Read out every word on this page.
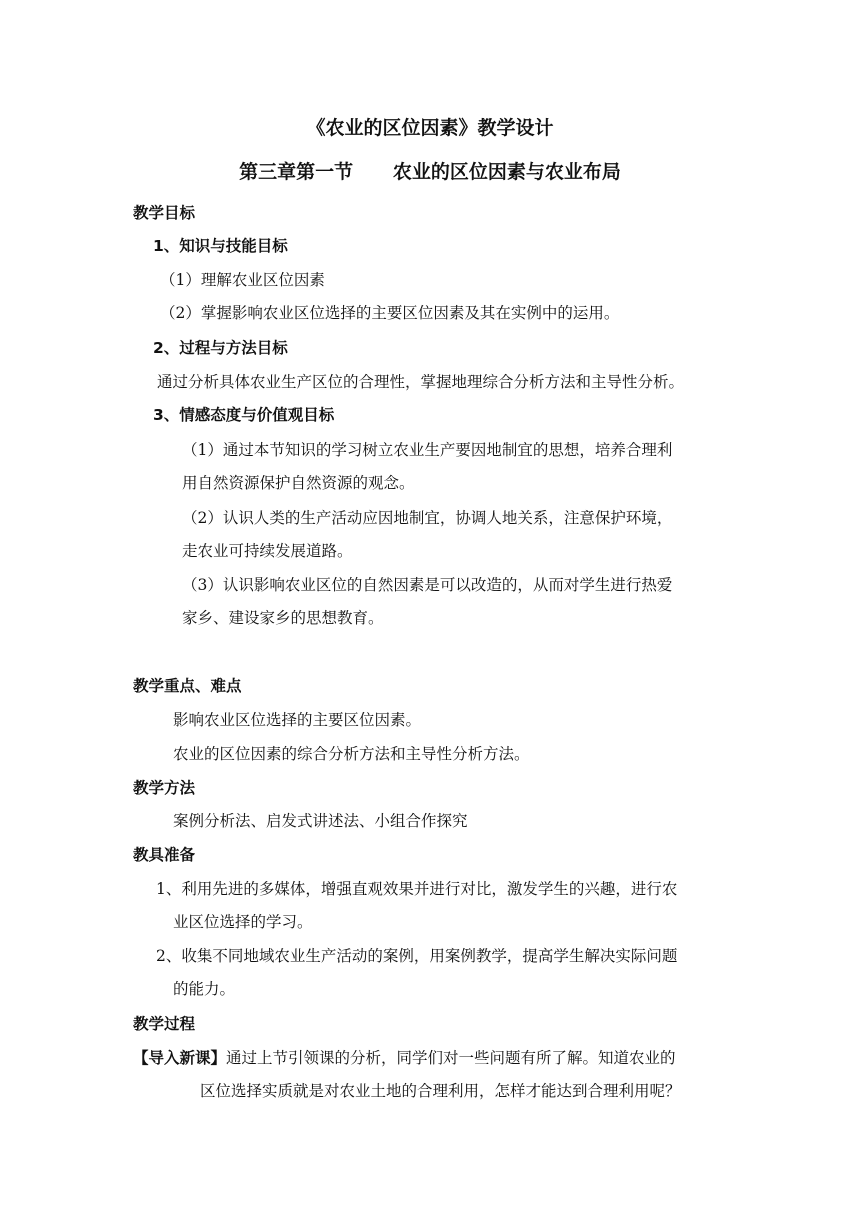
《农业的区位因素》教学设计
第三章第一节      农业的区位因素与农业布局
教学目标
1、知识与技能目标
（1）理解农业区位因素
（2）掌握影响农业区位选择的主要区位因素及其在实例中的运用。
2、过程与方法目标
通过分析具体农业生产区位的合理性，掌握地理综合分析方法和主导性分析。
3、情感态度与价值观目标
（1）通过本节知识的学习树立农业生产要因地制宜的思想，培养合理利
用自然资源保护自然资源的观念。
（2）认识人类的生产活动应因地制宜，协调人地关系，注意保护环境，
走农业可持续发展道路。
（3）认识影响农业区位的自然因素是可以改造的，从而对学生进行热爱
家乡、建设家乡的思想教育。
教学重点、难点
影响农业区位选择的主要区位因素。
农业的区位因素的综合分析方法和主导性分析方法。
教学方法
案例分析法、启发式讲述法、小组合作探究
教具准备
1、利用先进的多媒体，增强直观效果并进行对比，激发学生的兴趣，进行农
业区位选择的学习。
2、收集不同地域农业生产活动的案例，用案例教学，提高学生解决实际问题
的能力。
教学过程
【导入新课】通过上节引领课的分析，同学们对一些问题有所了解。知道农业的
区位选择实质就是对农业土地的合理利用，怎样才能达到合理利用呢？
